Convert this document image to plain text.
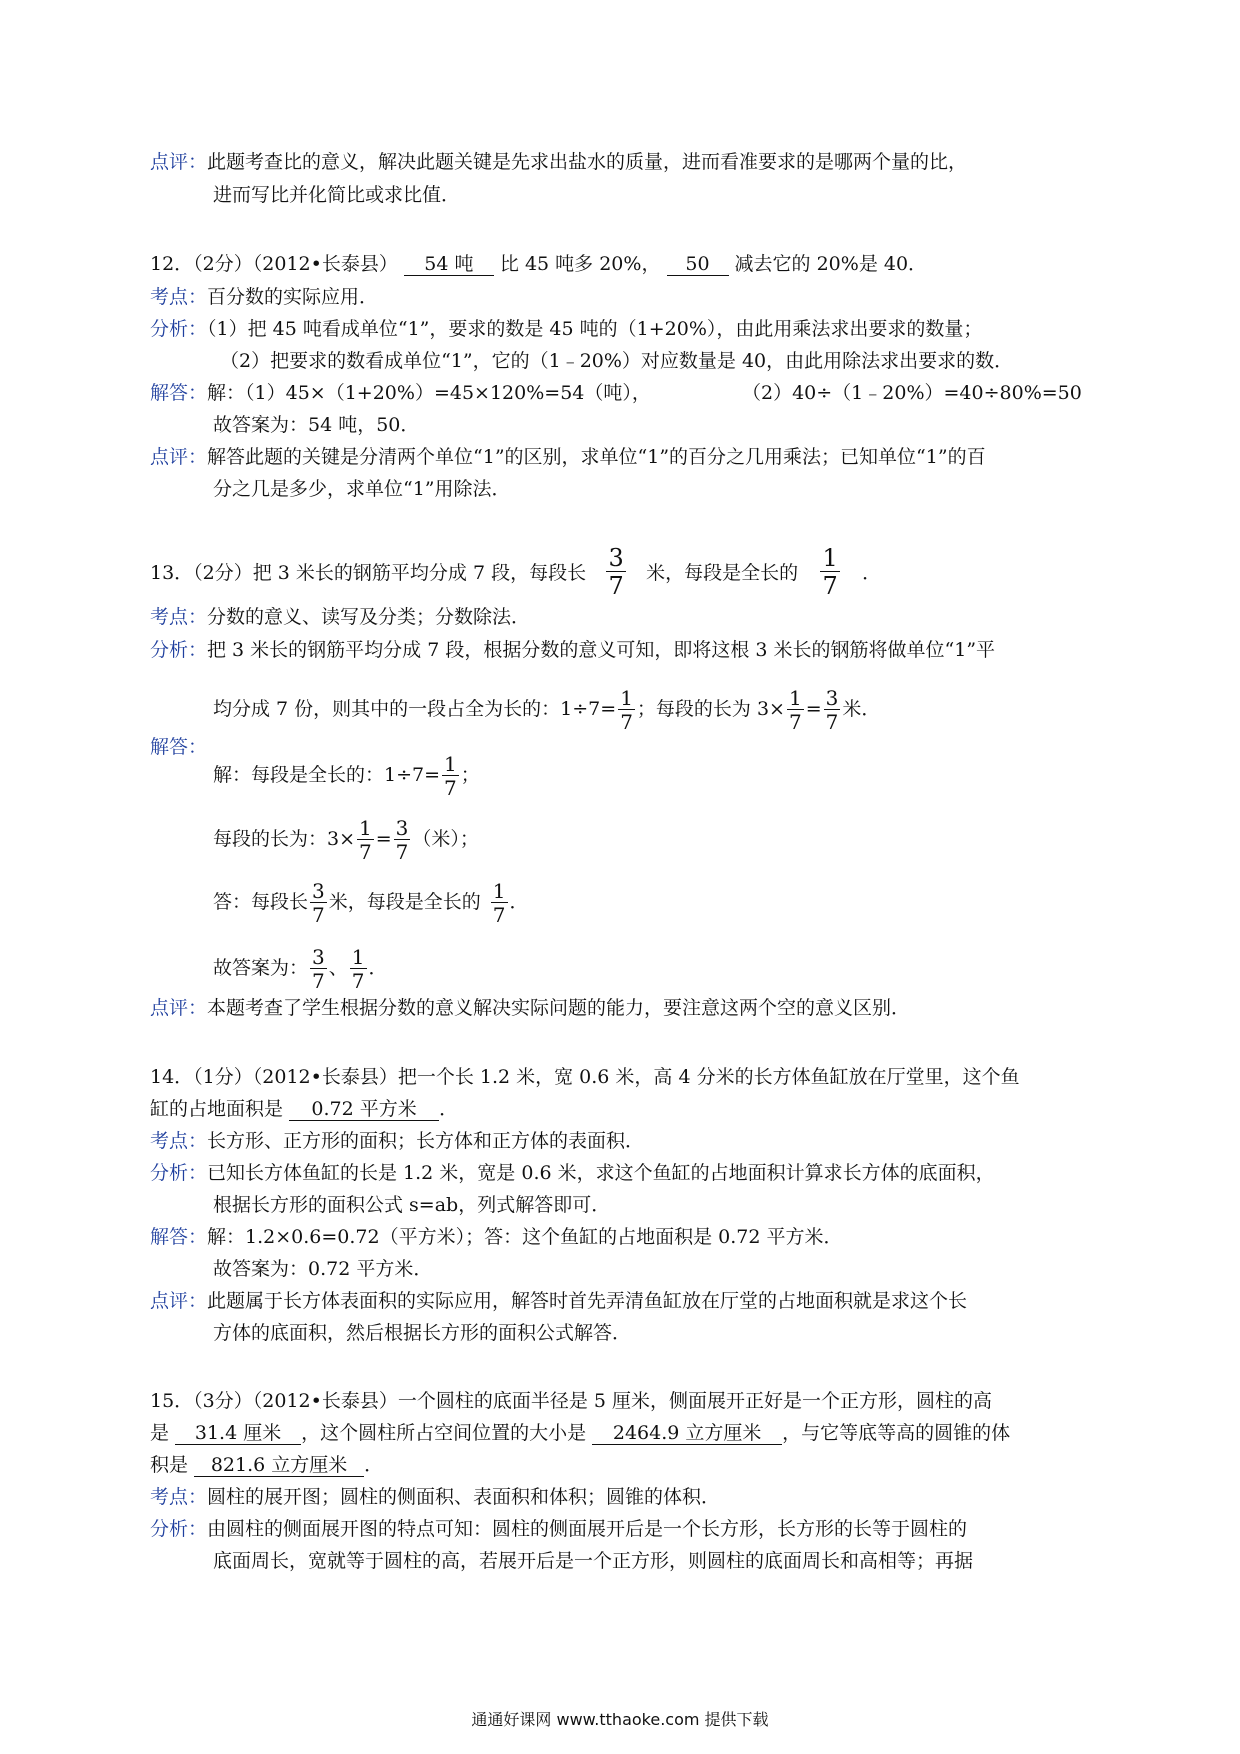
点评：此题考查比的意义，解决此题关键是先求出盐水的质量，进而看准要求的是哪两个量的比，
进而写比并化简比或求比值．
12．（2分）（2012•长泰县） 54 吨 比 45 吨多 20%， 50 减去它的 20%是 40．
考点：百分数的实际应用．
分析：（1）把 45 吨看成单位“1”，要求的数是 45 吨的（1+20%），由此用乘法求出要求的数量；
（2）把要求的数看成单位“1”，它的（1﹣20%）对应数量是 40，由此用除法求出要求的数．
解答：解：（1）45×（1+20%）=45×120%=54（吨），	（2）40÷（1﹣20%）=40÷80%=50
故答案为：54 吨，50．
点评：解答此题的关键是分清两个单位“1”的区别，求单位“1”的百分之几用乘法；已知单位“1”的百
分之几是多少，求单位“1”用除法．
13．（2分）把 3 米长的钢筋平均分成 7 段，每段长 $\frac{3}{7}$ 米，每段是全长的 $\frac{1}{7}$ ．
考点：分数的意义、读写及分类；分数除法．
分析：把 3 米长的钢筋平均分成 7 段，根据分数的意义可知，即将这根 3 米长的钢筋将做单位“1”平
均分成 7 份，则其中的一段占全为长的：$1\div 7= \frac{1}{7}$ ；每段的长为 $3\times \frac{1}{7} = \frac{3}{7}$ 米．
解答：
解：每段是全长的：$1\div 7= \frac{1}{7}$ ；
每段的长为：$3\times \frac{1}{7} = \frac{3}{7}$ （米）；
答：每段长 $\frac{3}{7}$ 米，每段是全长的 $\frac{1}{7}$ ．
故答案为： $\frac{3}{7}$ 、 $\frac{1}{7}$ ．
点评：本题考查了学生根据分数的意义解决实际问题的能力，要注意这两个空的意义区别．
14．（1分）（2012•长泰县）把一个长 1.2 米，宽 0.6 米，高 4 分米的长方体鱼缸放在厅堂里，这个鱼
缸的占地面积是 0.72 平方米 ．
考点：长方形、正方形的面积；长方体和正方体的表面积．
分析：已知长方体鱼缸的长是 1.2 米，宽是 0.6 米，求这个鱼缸的占地面积计算求长方体的底面积，
根据长方形的面积公式 s=ab，列式解答即可．
解答：解：1.2×0.6=0.72（平方米）；答：这个鱼缸的占地面积是 0.72 平方米．
故答案为：0.72 平方米．
点评：此题属于长方体表面积的实际应用，解答时首先弄清鱼缸放在厅堂的占地面积就是求这个长
方体的底面积，然后根据长方形的面积公式解答．
15．（3分）（2012•长泰县）一个圆柱的底面半径是 5 厘米，侧面展开正好是一个正方形，圆柱的高
是 31.4 厘米 ，这个圆柱所占空间位置的大小是 2464.9 立方厘米 ，与它等底等高的圆锥的体
积是 821.6 立方厘米 ．
考点：圆柱的展开图；圆柱的侧面积、表面积和体积；圆锥的体积．
分析：由圆柱的侧面展开图的特点可知：圆柱的侧面展开后是一个长方形，长方形的长等于圆柱的
底面周长，宽就等于圆柱的高，若展开后是一个正方形，则圆柱的底面周长和高相等；再据
通通好课网 www.tthaoke.com 提供下载
